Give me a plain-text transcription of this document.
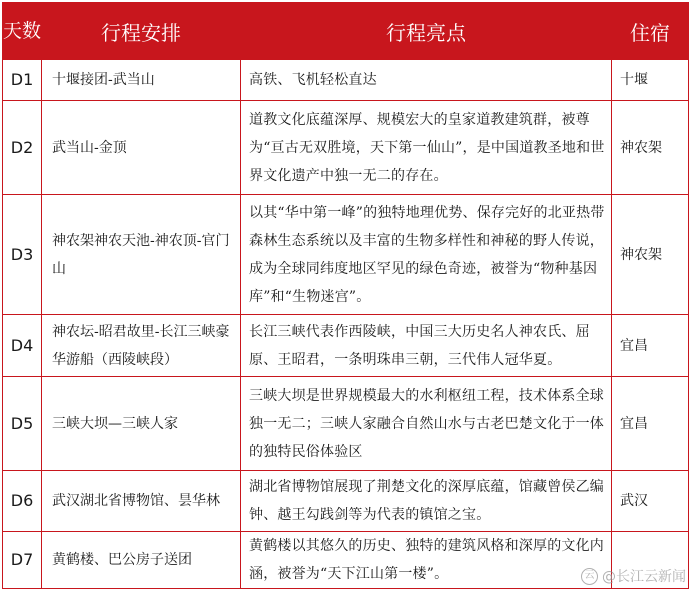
天数	行程安排	行程亮点	住宿
D1	十堰接团-武当山	高铁、飞机轻松直达	十堰
D2	武当山-金顶	道教文化底蕴深厚、规模宏大的皇家道教建筑群，被尊为“亘古无双胜境，天下第一仙山”，是中国道教圣地和世界文化遗产中独一无二的存在。	神农架
D3	神农架神农天池-神农顶-官门山	以其“华中第一峰”的独特地理优势、保存完好的北亚热带森林生态系统以及丰富的生物多样性和神秘的野人传说，成为全球同纬度地区罕见的绿色奇迹，被誉为“物种基因库”和“生物迷宫”。	神农架
D4	神农坛-昭君故里-长江三峡豪华游船（西陵峡段）	长江三峡代表作西陵峡，中国三大历史名人神农氏、屈原、王昭君，一条明珠串三朝，三代伟人冠华夏。	宜昌
D5	三峡大坝—三峡人家	三峡大坝是世界规模最大的水利枢纽工程，技术体系全球独一无二；三峡人家融合自然山水与古老巴楚文化于一体的独特民俗体验区	宜昌
D6	武汉湖北省博物馆、昙华林	湖北省博物馆展现了荆楚文化的深厚底蕴，馆藏曾侯乙编钟、越王勾践剑等为代表的镇馆之宝。	武汉
D7	黄鹤楼、巴公房子送团	黄鹤楼以其悠久的历史、独特的建筑风格和深厚的文化内涵，被誉为“天下江山第一楼”。		云 @长江云新闻
